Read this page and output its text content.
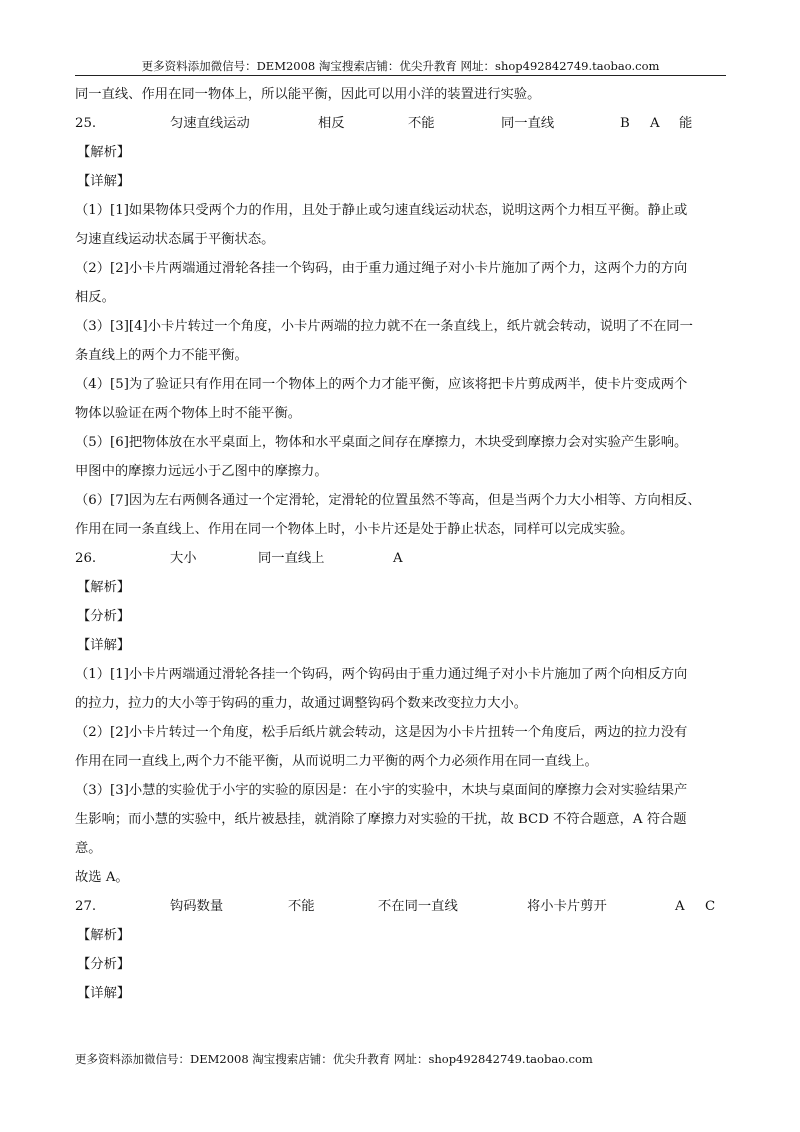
更多资料添加微信号：DEM2008 淘宝搜索店铺：优尖升教育 网址：shop492842749.taobao.com
同一直线、作用在同一物体上，所以能平衡，因此可以用小洋的装置进行实验。
25.	匀速直线运动	相反	不能	同一直线	B A 能
【解析】
【详解】
（1）[1]如果物体只受两个力的作用，且处于静止或匀速直线运动状态，说明这两个力相互平衡。静止或
匀速直线运动状态属于平衡状态。
（2）[2]小卡片两端通过滑轮各挂一个钩码，由于重力通过绳子对小卡片施加了两个力，这两个力的方向
相反。
（3）[3][4]小卡片转过一个角度，小卡片两端的拉力就不在一条直线上，纸片就会转动，说明了不在同一
条直线上的两个力不能平衡。
（4）[5]为了验证只有作用在同一个物体上的两个力才能平衡，应该将把卡片剪成两半，使卡片变成两个
物体以验证在两个物体上时不能平衡。
（5）[6]把物体放在水平桌面上，物体和水平桌面之间存在摩擦力，木块受到摩擦力会对实验产生影响。
甲图中的摩擦力远远小于乙图中的摩擦力。
（6）[7]因为左右两侧各通过一个定滑轮，定滑轮的位置虽然不等高，但是当两个力大小相等、方向相反、
作用在同一条直线上、作用在同一个物体上时，小卡片还是处于静止状态，同样可以完成实验。
26.	大小	同一直线上	A
【解析】
【分析】
【详解】
（1）[1]小卡片两端通过滑轮各挂一个钩码，两个钩码由于重力通过绳子对小卡片施加了两个向相反方向
的拉力，拉力的大小等于钩码的重力，故通过调整钩码个数来改变拉力大小。
（2）[2]小卡片转过一个角度，松手后纸片就会转动，这是因为小卡片扭转一个角度后，两边的拉力没有
作用在同一直线上,两个力不能平衡，从而说明二力平衡的两个力必须作用在同一直线上。
（3）[3]小慧的实验优于小宇的实验的原因是：在小宇的实验中，木块与桌面间的摩擦力会对实验结果产
生影响；而小慧的实验中，纸片被悬挂，就消除了摩擦力对实验的干扰，故 BCD 不符合题意，A 符合题
意。
故选 A。
27.	钩码数量	不能	不在同一直线	将小卡片剪开	A C
【解析】
【分析】
【详解】
更多资料添加微信号：DEM2008 淘宝搜索店铺：优尖升教育 网址：shop492842749.taobao.com
